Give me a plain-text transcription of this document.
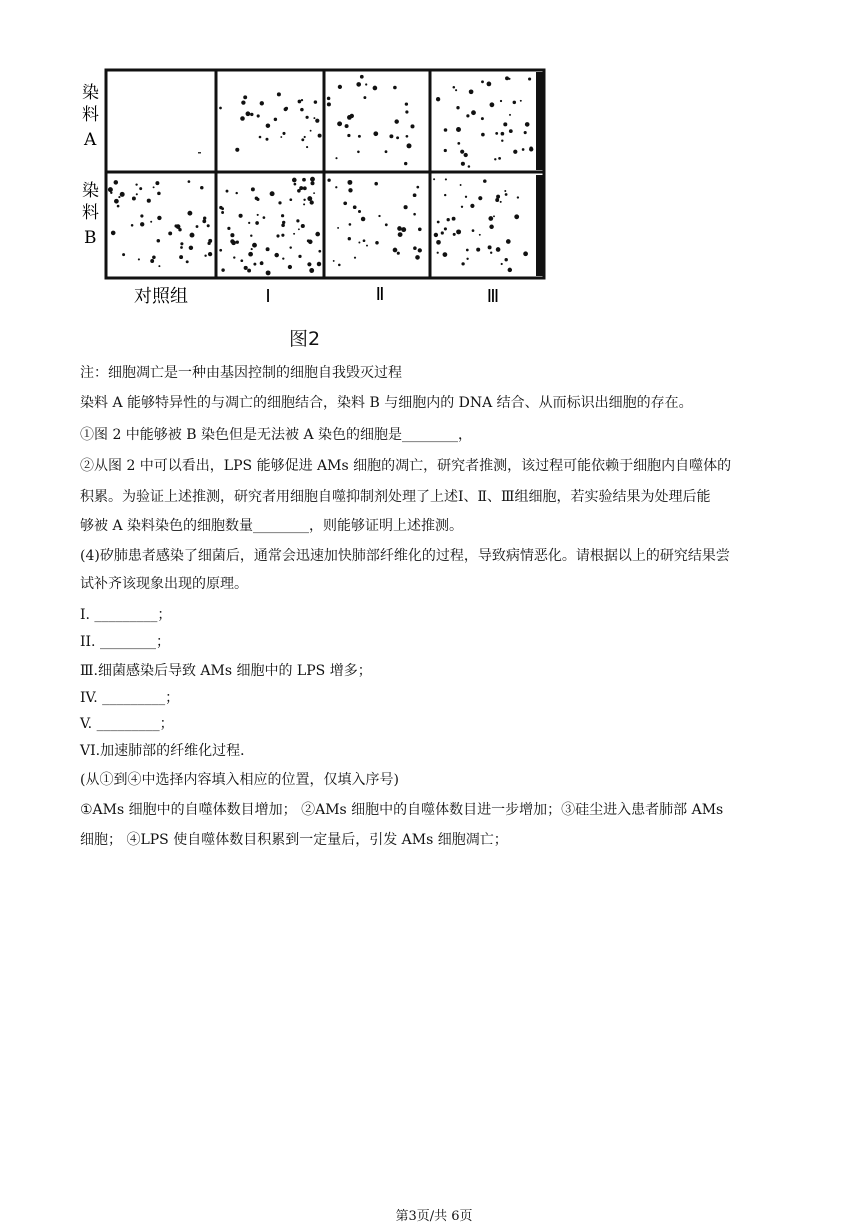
染
料
A
染
料
B
对照组	Ⅰ	Ⅱ	Ⅲ
图2
注：细胞凋亡是一种由基因控制的细胞自我毁灭过程
染料 A 能够特异性的与凋亡的细胞结合，染料 B 与细胞内的 DNA 结合、从而标识出细胞的存在。
①图 2 中能够被 B 染色但是无法被 A 染色的细胞是________，
②从图 2 中可以看出，LPS 能够促进 AMs 细胞的凋亡，研究者推测，该过程可能依赖于细胞内自噬体的
积累。为验证上述推测，研究者用细胞自噬抑制剂处理了上述Ⅰ、Ⅱ、Ⅲ组细胞，若实验结果为处理后能
够被 A 染料染色的细胞数量________，则能够证明上述推测。
(4)矽肺患者感染了细菌后，通常会迅速加快肺部纤维化的过程，导致病情恶化。请根据以上的研究结果尝
试补齐该现象出现的原理。
I. _________；
II. ________；
Ⅲ.细菌感染后导致 AMs 细胞中的 LPS 增多；
IV. _________；
V. _________；
VI.加速肺部的纤维化过程．
(从①到④中选择内容填入相应的位置，仅填入序号)
①AMs 细胞中的自噬体数目增加； ②AMs 细胞中的自噬体数目进一步增加；③硅尘进入患者肺部 AMs
细胞； ④LPS 使自噬体数目积累到一定量后，引发 AMs 细胞凋亡；
第3页/共 6页
